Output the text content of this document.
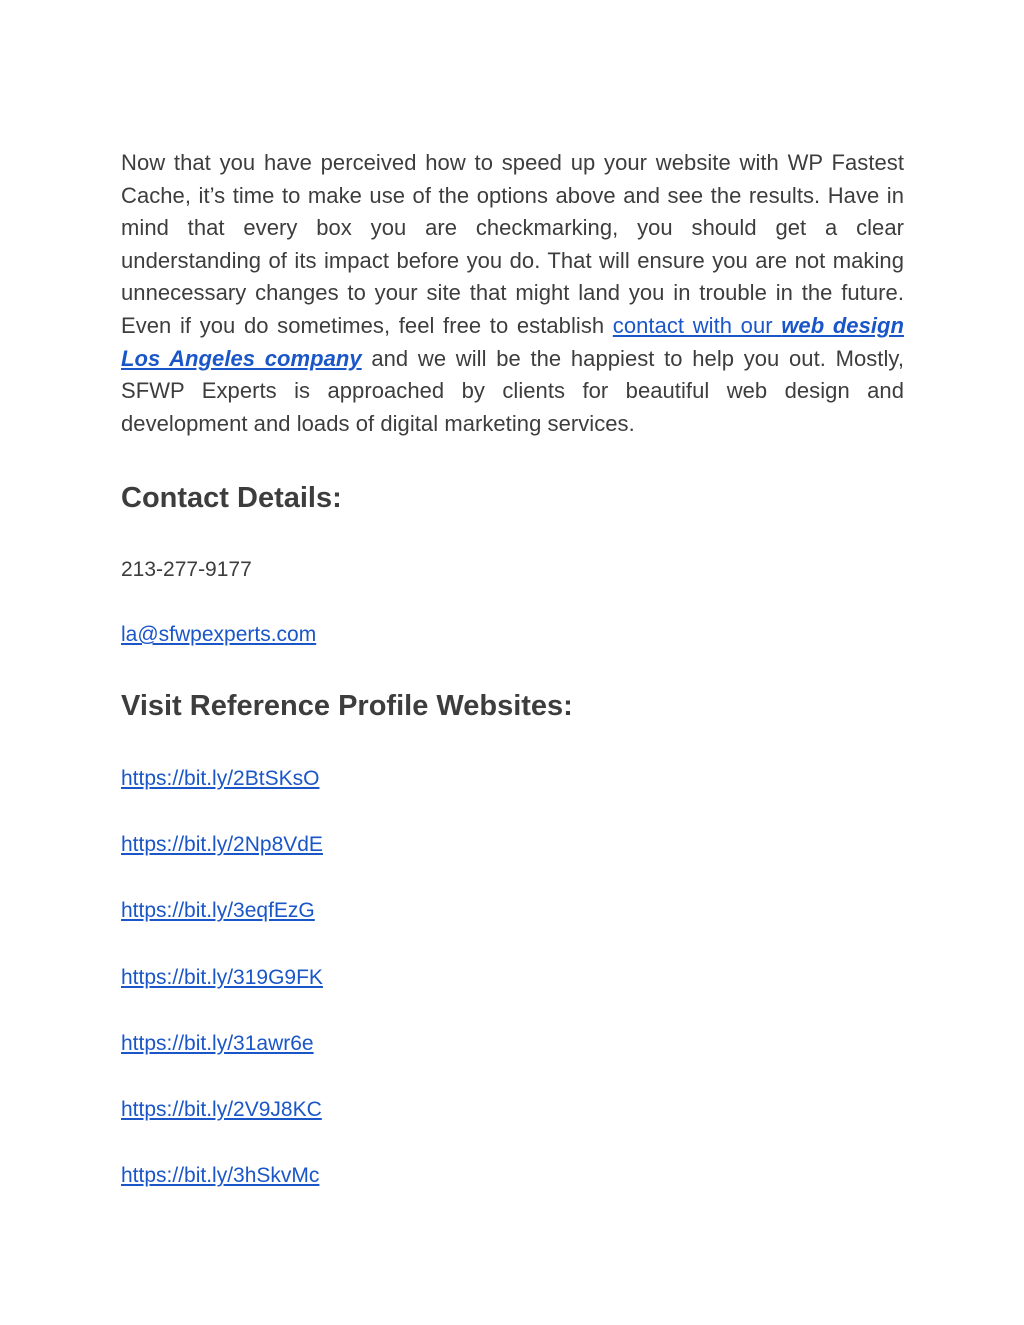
Now that you have perceived how to speed up your website with WP Fastest Cache, it’s time to make use of the options above and see the results. Have in mind that every box you are checkmarking, you should get a clear understanding of its impact before you do. That will ensure you are not making unnecessary changes to your site that might land you in trouble in the future. Even if you do sometimes, feel free to establish contact with our web design Los Angeles company and we will be the happiest to help you out. Mostly, SFWP Experts is approached by clients for beautiful web design and development and loads of digital marketing services.

Contact Details:
213-277-9177
la@sfwpexperts.com
Visit Reference Profile Websites:
https://bit.ly/2BtSKsO
https://bit.ly/2Np8VdE
https://bit.ly/3eqfEzG
https://bit.ly/319G9FK
https://bit.ly/31awr6e
https://bit.ly/2V9J8KC
https://bit.ly/3hSkvMc
